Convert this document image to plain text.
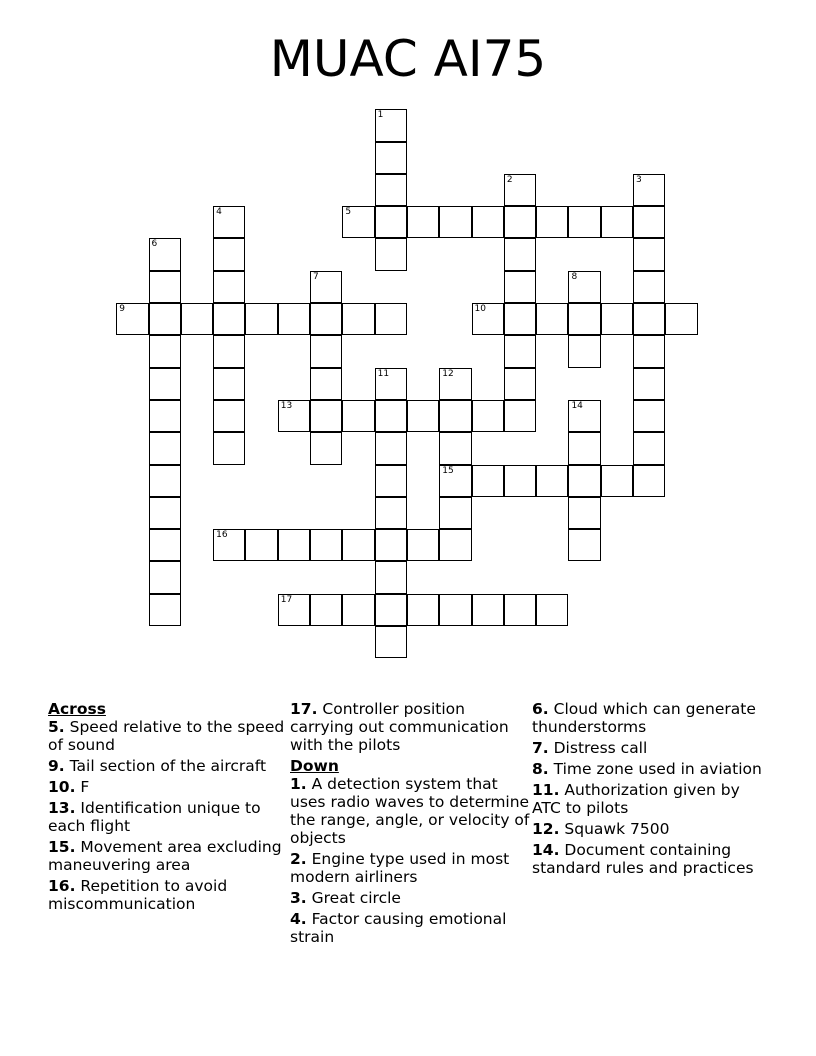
MUAC AI75
1
2	3
4	5
6
7	8
9	10
11	12
15
13	14
16
17
Across
5. Speed relative to the speed of sound
9. Tail section of the aircraft
10. F
13. Identification unique to each flight
15. Movement area excluding maneuvering area
16. Repetition to avoid miscommunication
17. Controller position carrying out communication with the pilots
Down
1. A detection system that uses radio waves to determine the range, angle, or velocity of objects
2. Engine type used in most modern airliners
3. Great circle
4. Factor causing emotional strain
6. Cloud which can generate thunderstorms
7. Distress call
8. Time zone used in aviation
11. Authorization given by ATC to pilots
12. Squawk 7500
14. Document containing standard rules and practices
